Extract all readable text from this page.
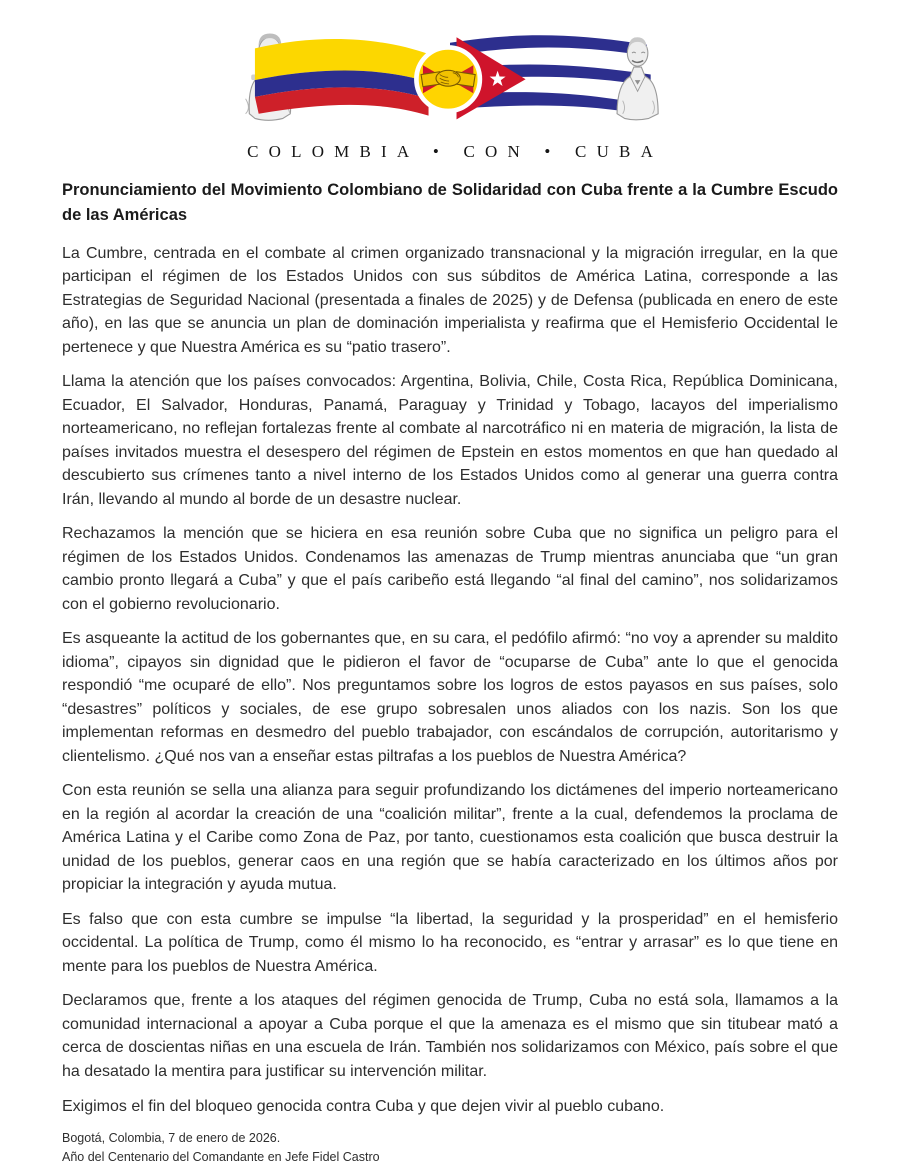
COLOMBIA • CON • CUBA
Pronunciamiento del Movimiento Colombiano de Solidaridad con Cuba frente a la Cumbre Escudo de las Américas

La Cumbre, centrada en el combate al crimen organizado transnacional y la migración irregular, en la que participan el régimen de los Estados Unidos con sus súbditos de América Latina, corresponde a las Estrategias de Seguridad Nacional (presentada a finales de 2025) y de Defensa (publicada en enero de este año), en las que se anuncia un plan de dominación imperialista y reafirma que el Hemisferio Occidental le pertenece y que Nuestra América es su “patio trasero”.

Llama la atención que los países convocados: Argentina, Bolivia, Chile, Costa Rica, República Dominicana, Ecuador, El Salvador, Honduras, Panamá, Paraguay y Trinidad y Tobago, lacayos del imperialismo norteamericano, no reflejan fortalezas frente al combate al narcotráfico ni en materia de migración, la lista de países invitados muestra el desespero del régimen de Epstein en estos momentos en que han quedado al descubierto sus crímenes tanto a nivel interno de los Estados Unidos como al generar una guerra contra Irán, llevando al mundo al borde de un desastre nuclear.

Rechazamos la mención que se hiciera en esa reunión sobre Cuba que no significa un peligro para el régimen de los Estados Unidos. Condenamos las amenazas de Trump mientras anunciaba que “un gran cambio pronto llegará a Cuba” y que el país caribeño está llegando “al final del camino”, nos solidarizamos con el gobierno revolucionario.

Es asqueante la actitud de los gobernantes que, en su cara, el pedófilo afirmó: “no voy a aprender su maldito idioma”, cipayos sin dignidad que le pidieron el favor de “ocuparse de Cuba” ante lo que el genocida respondió “me ocuparé de ello”. Nos preguntamos sobre los logros de estos payasos en sus países, solo “desastres” políticos y sociales, de ese grupo sobresalen unos aliados con los nazis. Son los que implementan reformas en desmedro del pueblo trabajador, con escándalos de corrupción, autoritarismo y clientelismo. ¿Qué nos van a enseñar estas piltrafas a los pueblos de Nuestra América?

Con esta reunión se sella una alianza para seguir profundizando los dictámenes del imperio norteamericano en la región al acordar la creación de una “coalición militar”, frente a la cual, defendemos la proclama de América Latina y el Caribe como Zona de Paz, por tanto, cuestionamos esta coalición que busca destruir la unidad de los pueblos, generar caos en una región que se había caracterizado en los últimos años por propiciar la integración y ayuda mutua.

Es falso que con esta cumbre se impulse “la libertad, la seguridad y la prosperidad” en el hemisferio occidental. La política de Trump, como él mismo lo ha reconocido, es “entrar y arrasar” es lo que tiene en mente para los pueblos de Nuestra América.

Declaramos que, frente a los ataques del régimen genocida de Trump, Cuba no está sola, llamamos a la comunidad internacional a apoyar a Cuba porque el que la amenaza es el mismo que sin titubear mató a cerca de doscientas niñas en una escuela de Irán. También nos solidarizamos con México, país sobre el que ha desatado la mentira para justificar su intervención militar.

Exigimos el fin del bloqueo genocida contra Cuba y que dejen vivir al pueblo cubano.

Bogotá, Colombia, 7 de enero de 2026.
Año del Centenario del Comandante en Jefe Fidel Castro
